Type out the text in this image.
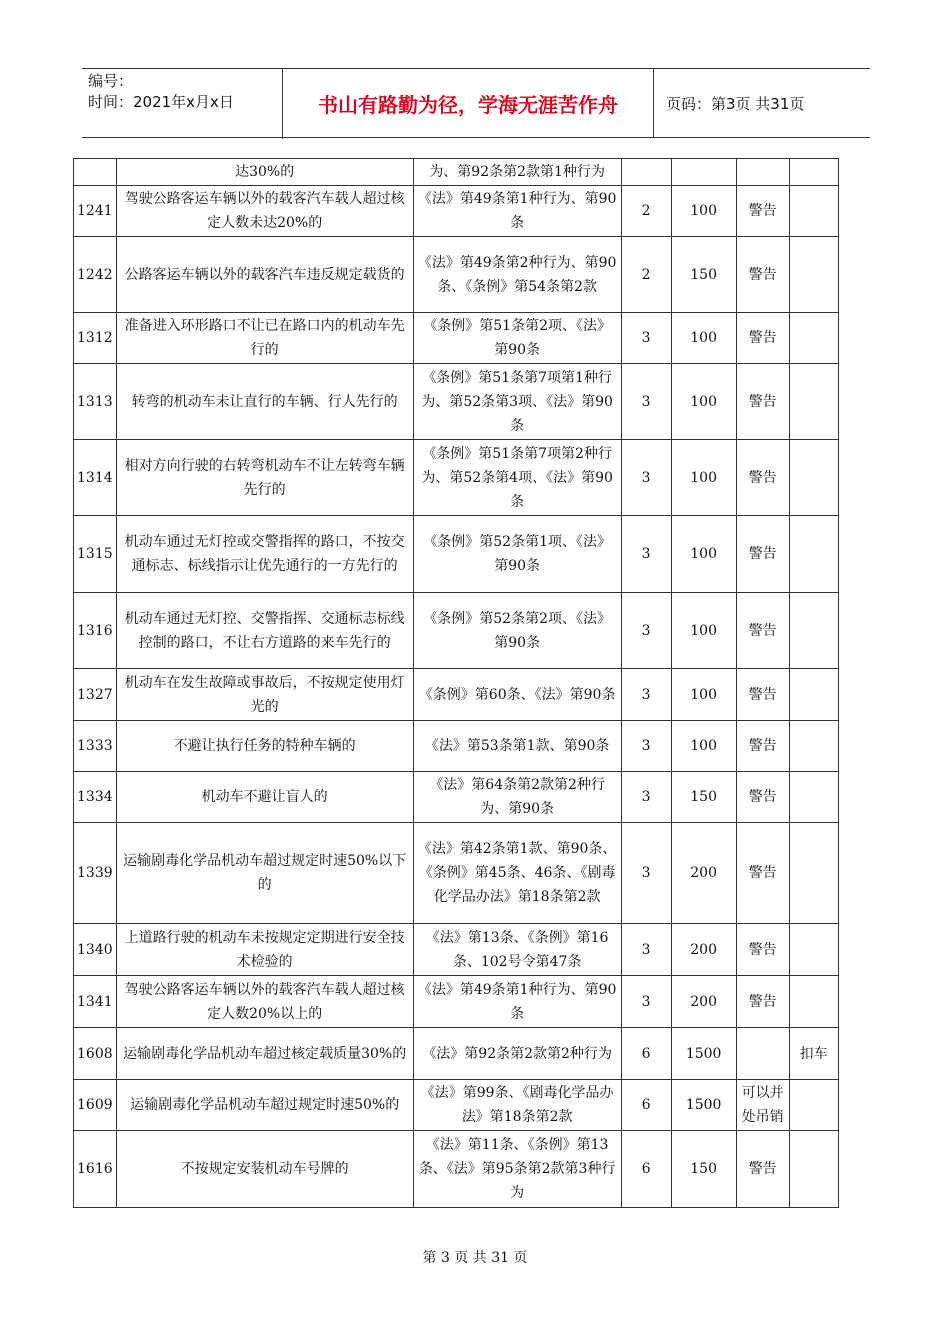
编号：
时间：2021年x月x日	书山有路勤为径，学海无涯苦作舟	页码：第3页 共31页
	达30%的	为、第92条第2款第1种行为				
1241	驾驶公路客运车辆以外的载客汽车载人超过核定人数未达20%的	《法》第49条第1种行为、第90条	2	100	警告	
1242	公路客运车辆以外的载客汽车违反规定载货的	《法》第49条第2种行为、第90条、《条例》第54条第2款	2	150	警告	
1312	准备进入环形路口不让已在路口内的机动车先行的	《条例》第51条第2项、《法》第90条	3	100	警告	
1313	转弯的机动车未让直行的车辆、行人先行的	《条例》第51条第7项第1种行为、第52条第3项、《法》第90条	3	100	警告	
1314	相对方向行驶的右转弯机动车不让左转弯车辆先行的	《条例》第51条第7项第2种行为、第52条第4项、《法》第90条	3	100	警告	
1315	机动车通过无灯控或交警指挥的路口，不按交通标志、标线指示让优先通行的一方先行的	《条例》第52条第1项、《法》第90条	3	100	警告	
1316	机动车通过无灯控、交警指挥、交通标志标线控制的路口，不让右方道路的来车先行的	《条例》第52条第2项、《法》第90条	3	100	警告	
1327	机动车在发生故障或事故后，不按规定使用灯光的	《条例》第60条、《法》第90条	3	100	警告	
1333	不避让执行任务的特种车辆的	《法》第53条第1款、第90条	3	100	警告	
1334	机动车不避让盲人的	《法》第64条第2款第2种行为、第90条	3	150	警告	
1339	运输剧毒化学品机动车超过规定时速50%以下的	《法》第42条第1款、第90条、《条例》第45条、46条、《剧毒化学品办法》第18条第2款	3	200	警告	
1340	上道路行驶的机动车未按规定定期进行安全技术检验的	《法》第13条、《条例》第16条、102号令第47条	3	200	警告	
1341	驾驶公路客运车辆以外的载客汽车载人超过核定人数20%以上的	《法》第49条第1种行为、第90条	3	200	警告	
1608	运输剧毒化学品机动车超过核定载质量30%的	《法》第92条第2款第2种行为	6	1500		扣车
1609	运输剧毒化学品机动车超过规定时速50%的	《法》第99条、《剧毒化学品办法》第18条第2款	6	1500	可以并处吊销	
1616	不按规定安装机动车号牌的	《法》第11条、《条例》第13条、《法》第95条第2款第3种行为	6	150	警告	
第 3 页 共 31 页
